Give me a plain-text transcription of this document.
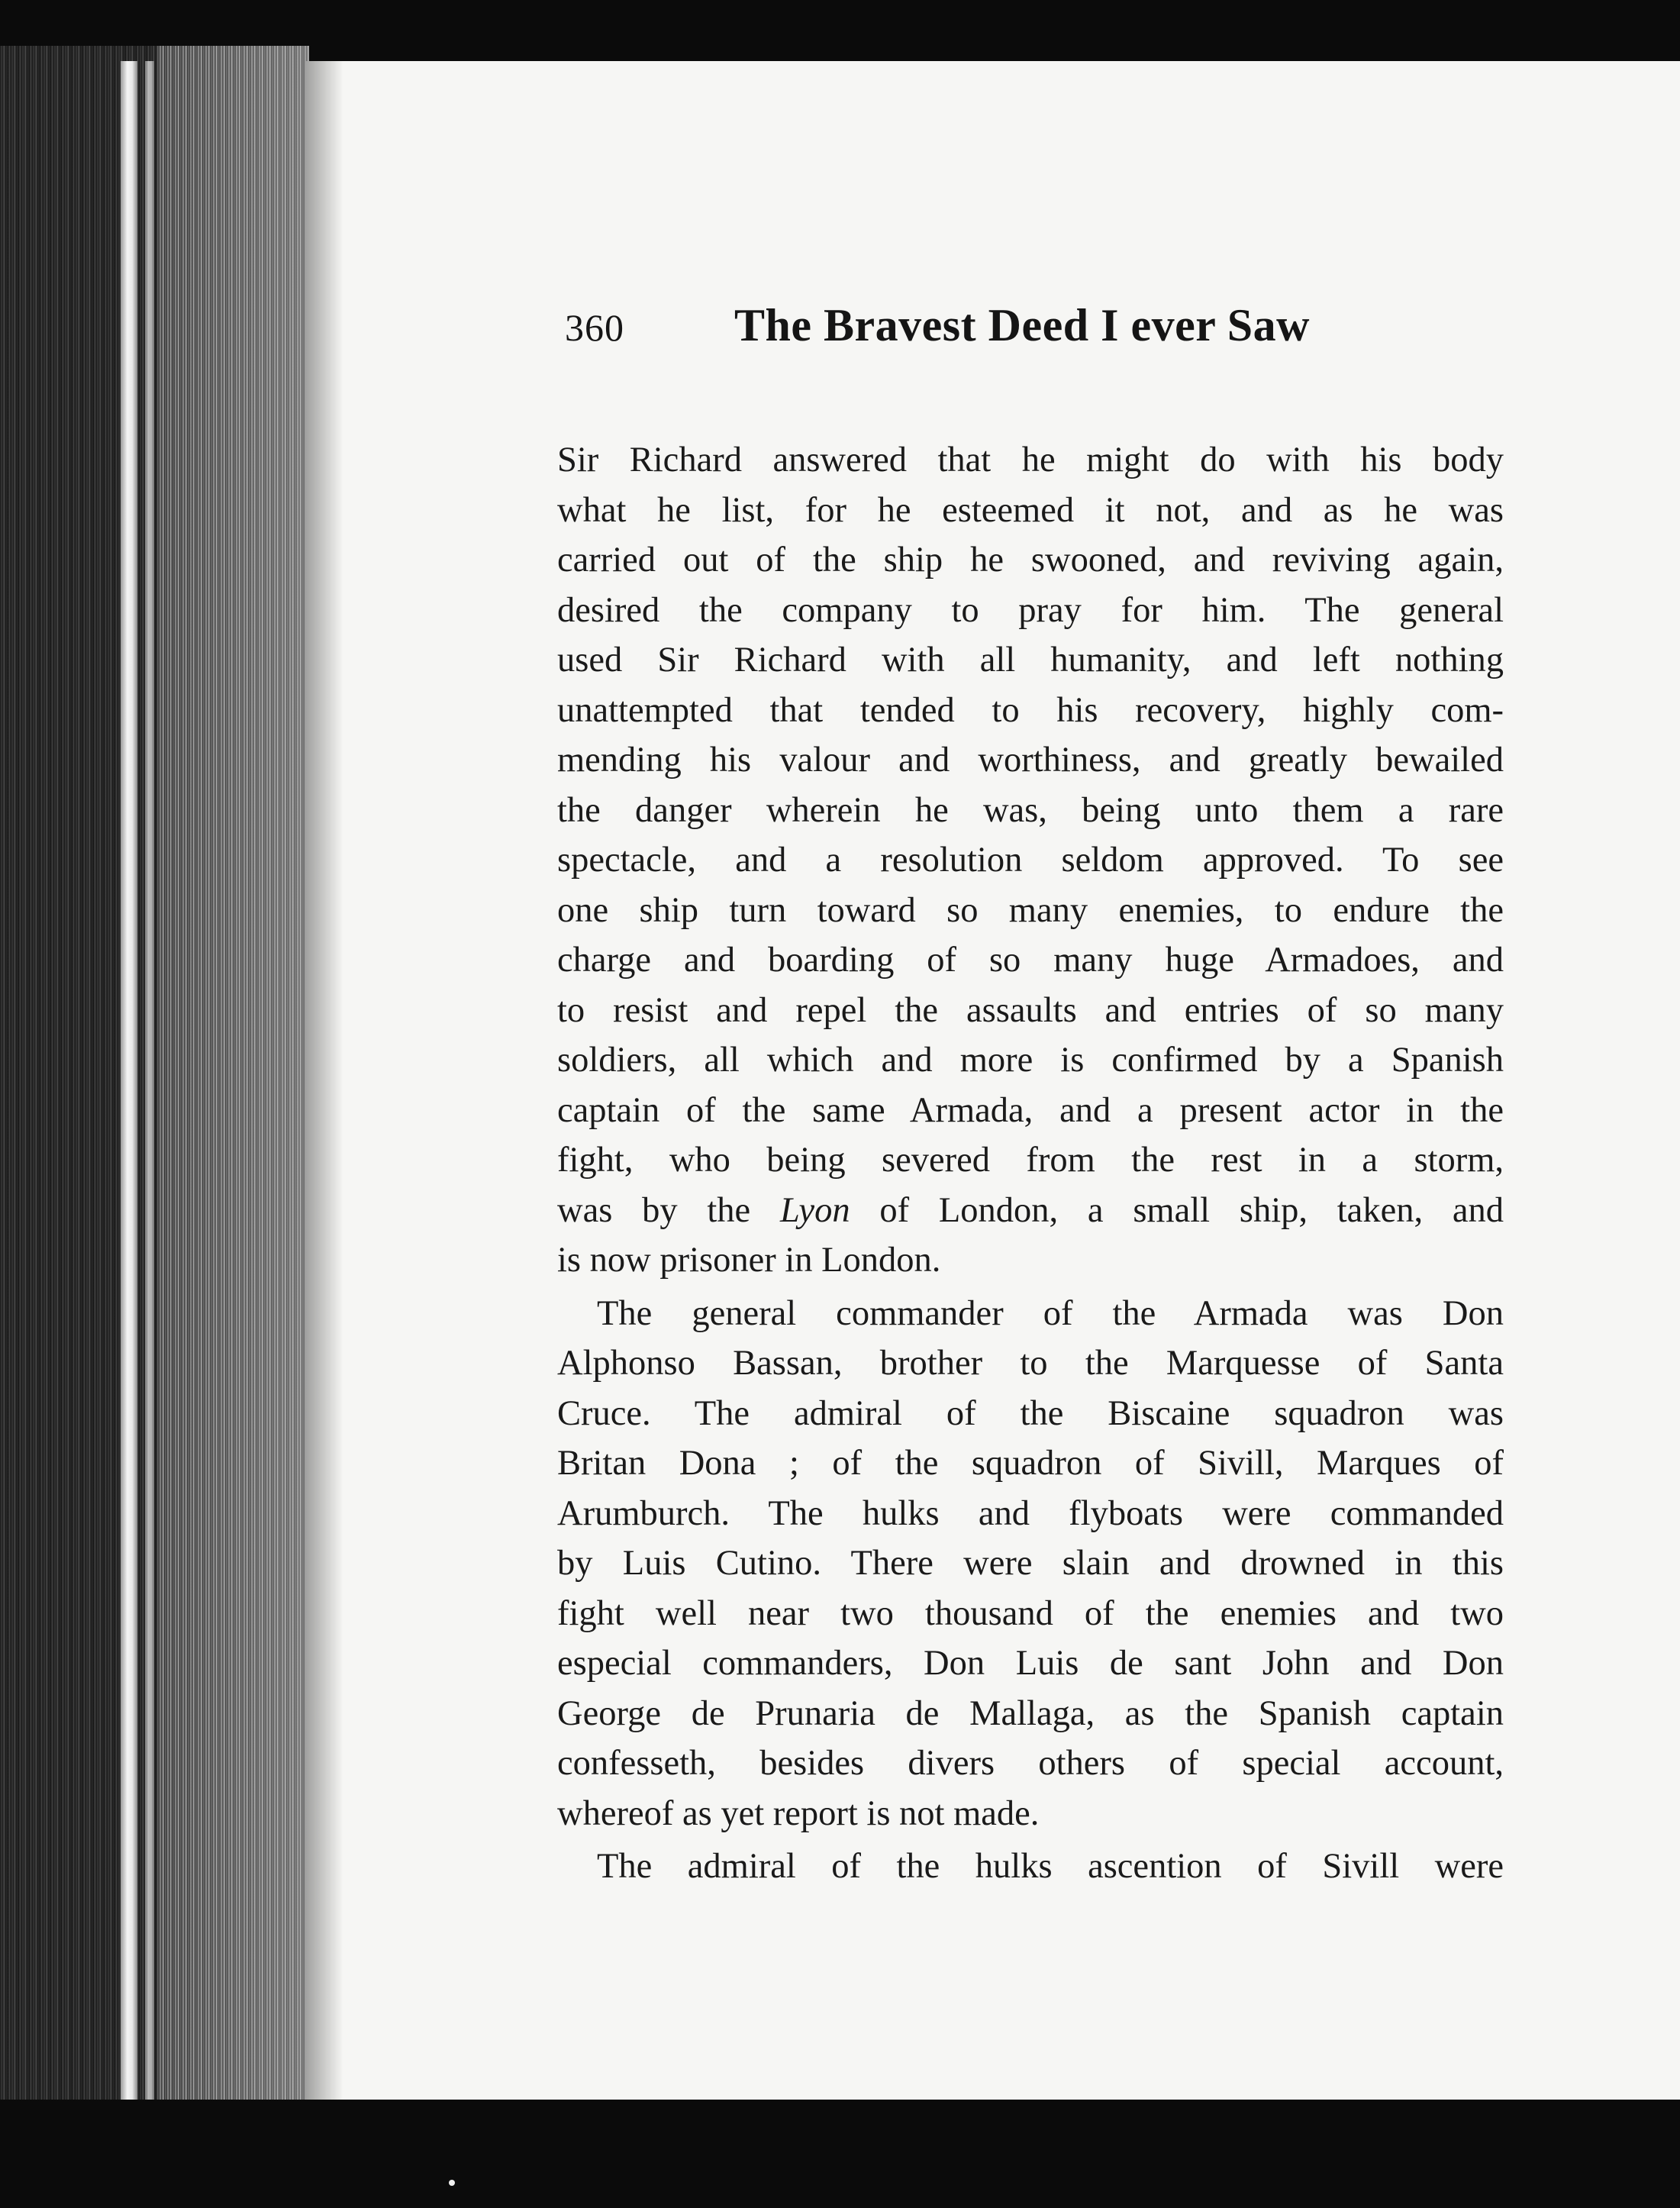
360 The Bravest Deed I ever Saw

Sir Richard answered that he might do with his body
what he list, for he esteemed it not, and as he was
carried out of the ship he swooned, and reviving again,
desired the company to pray for him. The general
used Sir Richard with all humanity, and left nothing
unattempted that tended to his recovery, highly com-
mending his valour and worthiness, and greatly bewailed
the danger wherein he was, being unto them a rare
spectacle, and a resolution seldom approved. To see
one ship turn toward so many enemies, to endure the
charge and boarding of so many huge Armadoes, and
to resist and repel the assaults and entries of so many
soldiers, all which and more is confirmed by a Spanish
captain of the same Armada, and a present actor in the
fight, who being severed from the rest in a storm,
was by the Lyon of London, a small ship, taken, and
is now prisoner in London.

The general commander of the Armada was Don
Alphonso Bassan, brother to the Marquesse of Santa
Cruce. The admiral of the Biscaine squadron was
Britan Dona ; of the squadron of Sivill, Marques of
Arumburch. The hulks and flyboats were commanded
by Luis Cutino. There were slain and drowned in this
fight well near two thousand of the enemies and two
especial commanders, Don Luis de sant John and Don
George de Prunaria de Mallaga, as the Spanish captain
confesseth, besides divers others of special account,
whereof as yet report is not made.

The admiral of the hulks ascention of Sivill were
